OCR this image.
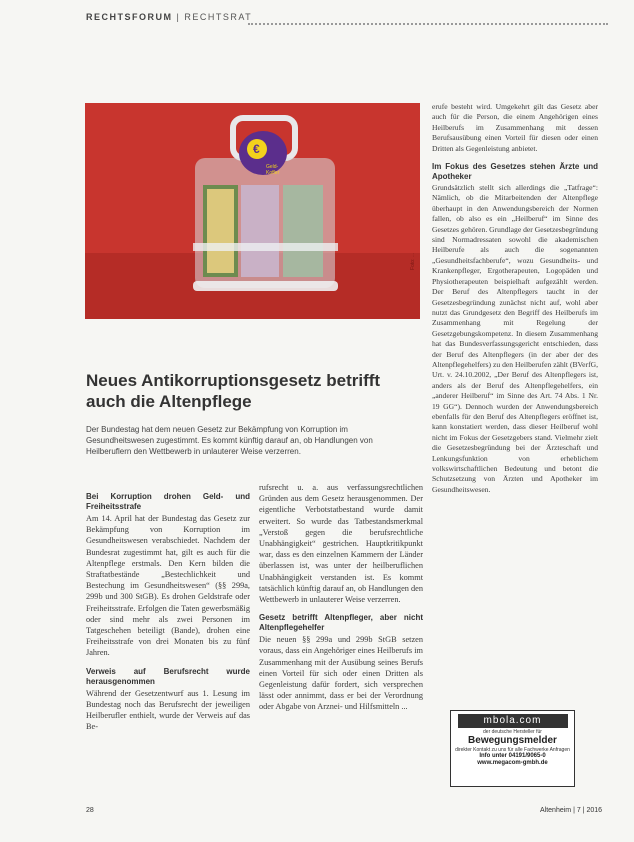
RECHTSFORUM | RECHTSRAT
€
Geld-
Koffer
Foto: ...
Neues Antikorruptionsgesetz betrifft auch die Altenpflege
Der Bundestag hat dem neuen Gesetz zur Bekämpfung von Korruption im Gesundheitswesen zugestimmt. Es kommt künftig darauf an, ob Handlungen von Heilberuflern den Wettbewerb in unlauterer Weise verzerren.
Bei Korruption drohen Geld- und Freiheitsstrafe

Am 14. April hat der Bundestag das Gesetz zur Bekämpfung von Korruption im Gesundheitswesen verabschiedet. Nachdem der Bundesrat zugestimmt hat, gilt es auch für die Altenpflege erstmals. Den Kern bilden die Straftatbestände „Bestechlichkeit und Bestechung im Gesundheitswesen“ (§§ 299a, 299b und 300 StGB). Es drohen Geldstrafe oder Freiheitsstrafe. Erfolgen die Taten gewerbsmäßig oder sind mehr als zwei Personen im Tatgeschehen beteiligt (Bande), drohen eine Freiheitsstrafe von drei Monaten bis zu fünf Jahren.

Verweis auf Berufsrecht wurde herausgenommen

Während der Gesetzentwurf aus 1. Lesung im Bundestag noch das Berufsrecht der jeweiligen Heilberufler enthielt, wurde der Verweis auf das Be-

rufsrecht u. a. aus verfassungsrechtlichen Gründen aus dem Gesetz herausgenommen. Der eigentliche Verbotstatbestand wurde damit erweitert. So wurde das Tatbestandsmerkmal „Verstoß gegen die berufsrechtliche Unabhängigkeit“ gestrichen. Hauptkritikpunkt war, dass es den einzelnen Kammern der Länder überlassen ist, was unter der heilberuflichen Unabhängigkeit verstanden ist. Es kommt tatsächlich künftig darauf an, ob Handlungen den Wettbewerb in unlauterer Weise verzerren.

Gesetz betrifft Altenpfleger, aber nicht Altenpflegehelfer

Die neuen §§ 299a und 299b StGB setzen voraus, dass ein Angehöriger eines Heilberufs im Zusammenhang mit der Ausübung seines Berufs einen Vorteil für sich oder einen Dritten als Gegenleistung dafür fordert, sich versprechen lässt oder annimmt, dass er bei der Verordnung oder Abgabe von Arznei- und Hilfsmitteln ...

erufe besteht wird. Umgekehrt gilt das Gesetz aber auch für die Person, die einem Angehörigen eines Heilberufs im Zusammenhang mit dessen Berufsausübung einen Vorteil für diesen oder einen Dritten als Gegenleistung anbietet.

Im Fokus des Gesetzes stehen Ärzte und Apotheker

Grundsätzlich stellt sich allerdings die „Tatfrage“: Nämlich, ob die Mitarbeitenden der Altenpflege überhaupt in den Anwendungsbereich der Normen fallen, ob also es ein „Heilberuf“ im Sinne des Gesetzes gehören. Grundlage der Gesetzesbegründung sind Normadressaten sowohl die akademischen Heilberufe als auch die sogenannten „Gesundheitsfachberufe“, wozu Gesundheits- und Krankenpfleger, Ergotherapeuten, Logopäden und Physiotherapeuten beispielhaft aufgezählt werden. Der Beruf des Altenpflegers taucht in der Gesetzesbegründung zunächst nicht auf, wohl aber nutzt das Grundgesetz den Begriff des Heilberufs im Zusammenhang mit Regelung der Gesetzgebungskompetenz. In diesem Zusammenhang hat das Bundesverfassungsgericht entschieden, dass der Beruf des Altenpflegers (in der aber der des Altenpflegehelfers) zu den Heilberufen zählt (BVerfG, Urt. v. 24.10.2002, „Der Beruf des Altenpflegers ist, anders als der Beruf des Altenpflegehelfers, ein „anderer Heilberuf“ im Sinne des Art. 74 Abs. 1 Nr. 19 GG“). Dennoch wurden der Anwendungsbereich ebenfalls für den Beruf des Altenpflegers eröffnet ist, kann konstatiert werden, dass dieser Heilberuf wohl nicht im Fokus der Gesetzgebers stand. Vielmehr zielt die Gesetzesbegründung bei der Ärzteschaft und Lenkungsfunktion von erheblichem volkswirtschaftlichen Bedeutung und betont die Schutzsetzung von Ärzten und Apotheker im Gesundheitswesen.

mbola.com
der deutsche Hersteller für
Bewegungsmelder
direkter Kontakt zu uns für alle Fachwerke Anfragen
Info unter 04191/9065-0
www.megacom-gmbh.de
28	Altenheim | 7 | 2016
